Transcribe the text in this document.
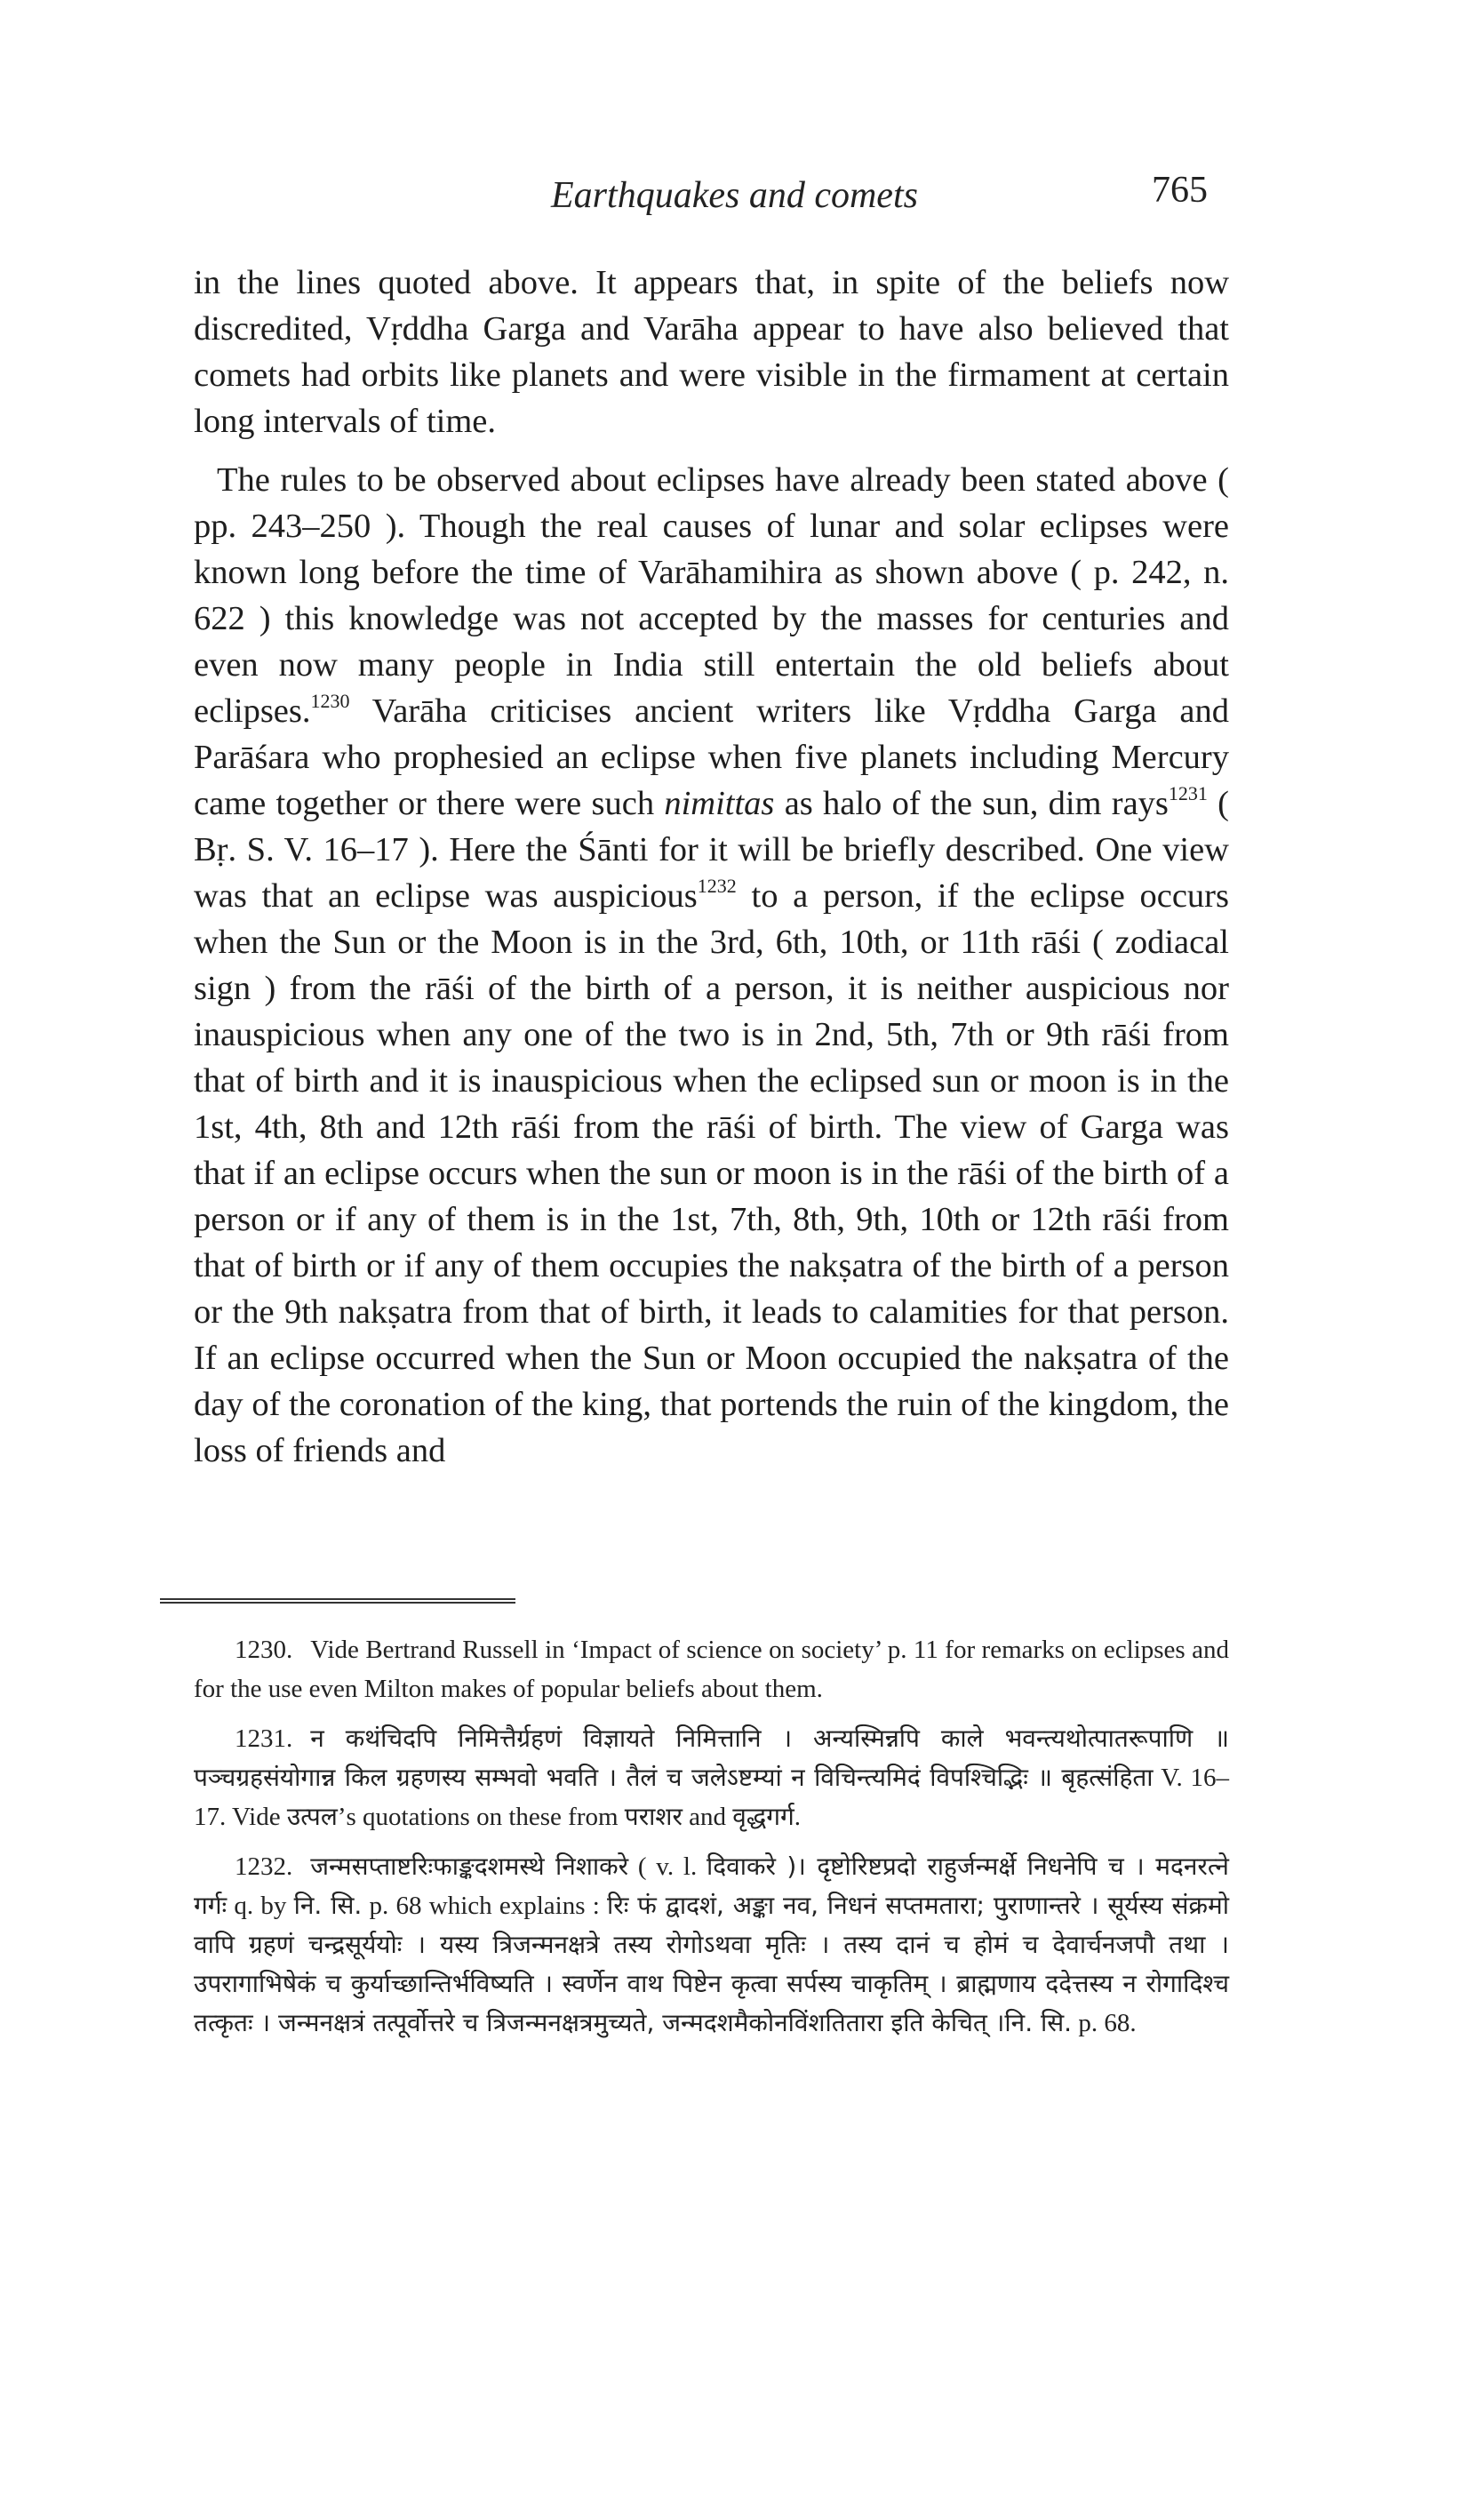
Earthquakes and comets	765

in the lines quoted above. It appears that, in spite of the beliefs now discredited, Vṛddha Garga and Varāha appear to have also believed that comets had orbits like planets and were visible in the firmament at certain long intervals of time.

The rules to be observed about eclipses have already been stated above ( pp. 243–250 ). Though the real causes of lunar and solar eclipses were known long before the time of Varāhamihira as shown above ( p. 242, n. 622 ) this knowledge was not accepted by the masses for centuries and even now many people in India still entertain the old beliefs about eclipses.$^{1230}$ Varāha criticises ancient writers like Vṛddha Garga and Parāśara who prophesied an eclipse when five planets including Mercury came together or there were such nimittas as halo of the sun, dim rays$^{1231}$ ( Bṛ. S. V. 16–17 ). Here the Śānti for it will be briefly described. One view was that an eclipse was auspicious$^{1232}$ to a person, if the eclipse occurs when the Sun or the Moon is in the 3rd, 6th, 10th, or 11th rāśi ( zodiacal sign ) from the rāśi of the birth of a person, it is neither auspicious nor inauspicious when any one of the two is in 2nd, 5th, 7th or 9th rāśi from that of birth and it is inauspicious when the eclipsed sun or moon is in the 1st, 4th, 8th and 12th rāśi from the rāśi of birth. The view of Garga was that if an eclipse occurs when the sun or moon is in the rāśi of the birth of a person or if any of them is in the 1st, 7th, 8th, 9th, 10th or 12th rāśi from that of birth or if any of them occupies the nakṣatra of the birth of a person or the 9th nakṣatra from that of birth, it leads to calamities for that person. If an eclipse occurred when the Sun or Moon occupied the nakṣatra of the day of the coronation of the king, that portends the ruin of the kingdom, the loss of friends and

1230. Vide Bertrand Russell in ‘Impact of science on society’ p. 11 for remarks on eclipses and for the use even Milton makes of popular beliefs about them.

1231. न कथंचिदपि निमित्तैर्ग्रहणं विज्ञायते निमित्तानि । अन्यस्मिन्नपि काले भवन्त्यथोत्पातरूपाणि ॥ पञ्चग्रहसंयोगान्न किल ग्रहणस्य सम्भवो भवति । तैलं च जलेऽष्टम्यां न विचिन्त्यमिदं विपश्चिद्भिः ॥ बृहत्संहिता V. 16–17. Vide उत्पल’s quotations on these from पराशर and वृद्धगर्ग.

1232. जन्मसप्ताष्टरिःफाङ्कदशमस्थे निशाकरे ( v. l. दिवाकरे )। दृष्टोरिष्टप्रदो राहुर्जन्मर्क्षे निधनेपि च । मदनरत्ने गर्गः q. by नि. सि. p. 68 which explains : रिः फं द्वादशं, अङ्का नव, निधनं सप्तमतारा; पुराणान्तरे । सूर्यस्य संक्रमो वापि ग्रहणं चन्द्रसूर्ययोः । यस्य त्रिजन्मनक्षत्रे तस्य रोगोऽथवा मृतिः । तस्य दानं च होमं च देवार्चनजपौ तथा । उपरागाभिषेकं च कुर्याच्छान्तिर्भविष्यति । स्वर्णेन वाथ पिष्टेन कृत्वा सर्पस्य चाकृतिम् । ब्राह्मणाय ददेत्तस्य न रोगादिश्च तत्कृतः । जन्मनक्षत्रं तत्पूर्वोत्तरे च त्रिजन्मनक्षत्रमुच्यते, जन्मदशमैकोनविंशतितारा इति केचित् ।नि. सि. p. 68.
